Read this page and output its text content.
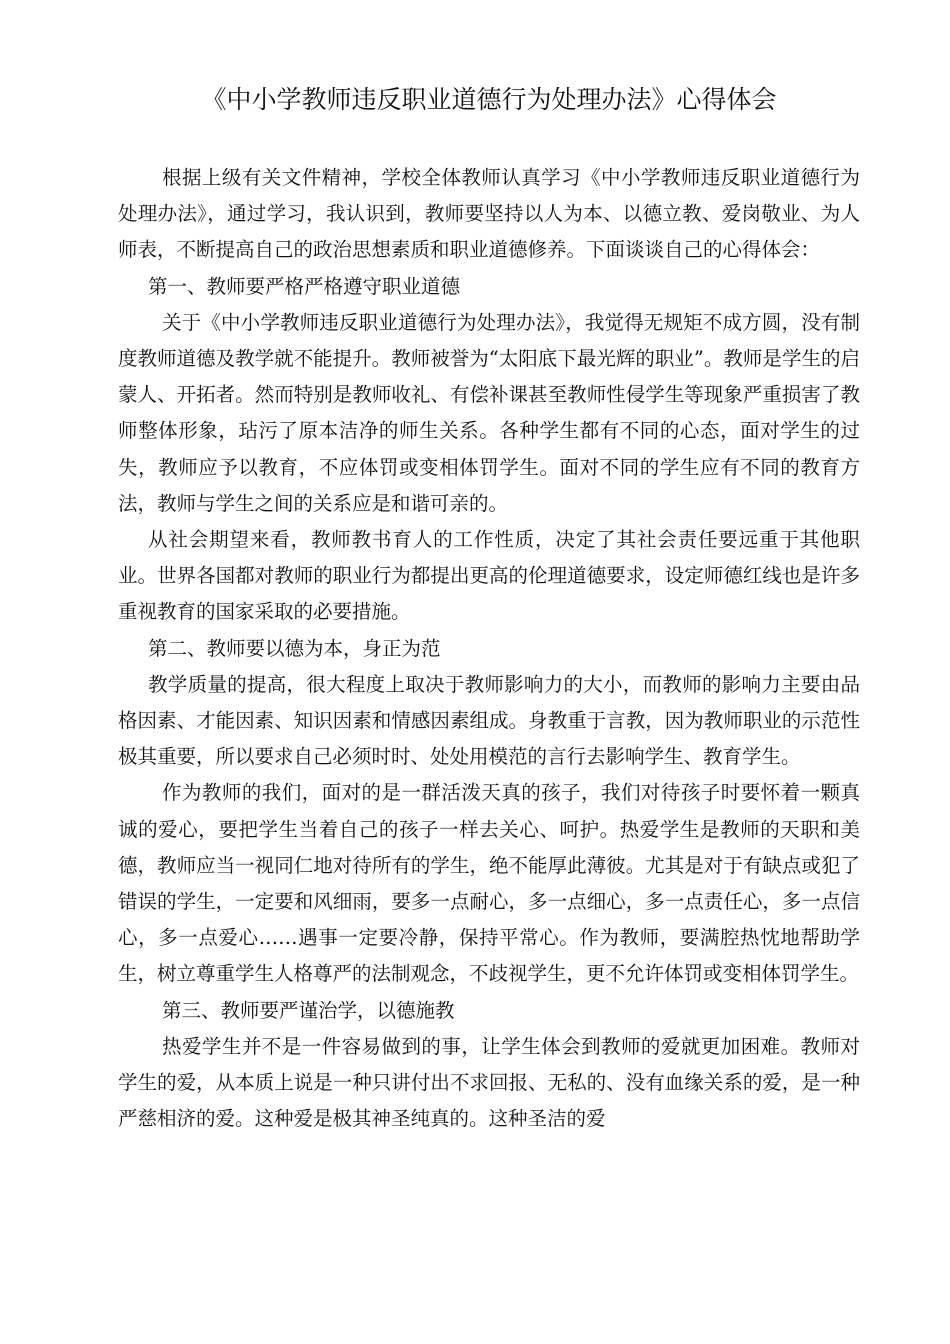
《中小学教师违反职业道德行为处理办法》心得体会

根据上级有关文件精神，学校全体教师认真学习《中小学教师违反职业道德行为处理办法》，通过学习，我认识到，教师要坚持以人为本、以德立教、爱岗敬业、为人师表，不断提高自己的政治思想素质和职业道德修养。下面谈谈自己的心得体会：

第一、教师要严格严格遵守职业道德

关于《中小学教师违反职业道德行为处理办法》，我觉得无规矩不成方圆，没有制度教师道德及教学就不能提升。教师被誉为“太阳底下最光辉的职业”。教师是学生的启蒙人、开拓者。然而特别是教师收礼、有偿补课甚至教师性侵学生等现象严重损害了教师整体形象，玷污了原本洁净的师生关系。各种学生都有不同的心态，面对学生的过失，教师应予以教育，不应体罚或变相体罚学生。面对不同的学生应有不同的教育方法，教师与学生之间的关系应是和谐可亲的。

从社会期望来看，教师教书育人的工作性质，决定了其社会责任要远重于其他职业。世界各国都对教师的职业行为都提出更高的伦理道德要求，设定师德红线也是许多重视教育的国家采取的必要措施。

第二、教师要以德为本，身正为范

教学质量的提高，很大程度上取决于教师影响力的大小，而教师的影响力主要由品格因素、才能因素、知识因素和情感因素组成。身教重于言教，因为教师职业的示范性极其重要，所以要求自己必须时时、处处用模范的言行去影响学生、教育学生。

作为教师的我们，面对的是一群活泼天真的孩子，我们对待孩子时要怀着一颗真诚的爱心，要把学生当着自己的孩子一样去关心、呵护。热爱学生是教师的天职和美德，教师应当一视同仁地对待所有的学生，绝不能厚此薄彼。尤其是对于有缺点或犯了错误的学生，一定要和风细雨，要多一点耐心，多一点细心，多一点责任心，多一点信心，多一点爱心……遇事一定要冷静，保持平常心。作为教师，要满腔热忱地帮助学生，树立尊重学生人格尊严的法制观念，不歧视学生，更不允许体罚或变相体罚学生。

第三、教师要严谨治学，以德施教

热爱学生并不是一件容易做到的事，让学生体会到教师的爱就更加困难。教师对学生的爱，从本质上说是一种只讲付出不求回报、无私的、没有血缘关系的爱，是一种严慈相济的爱。这种爱是极其神圣纯真的。这种圣洁的爱
